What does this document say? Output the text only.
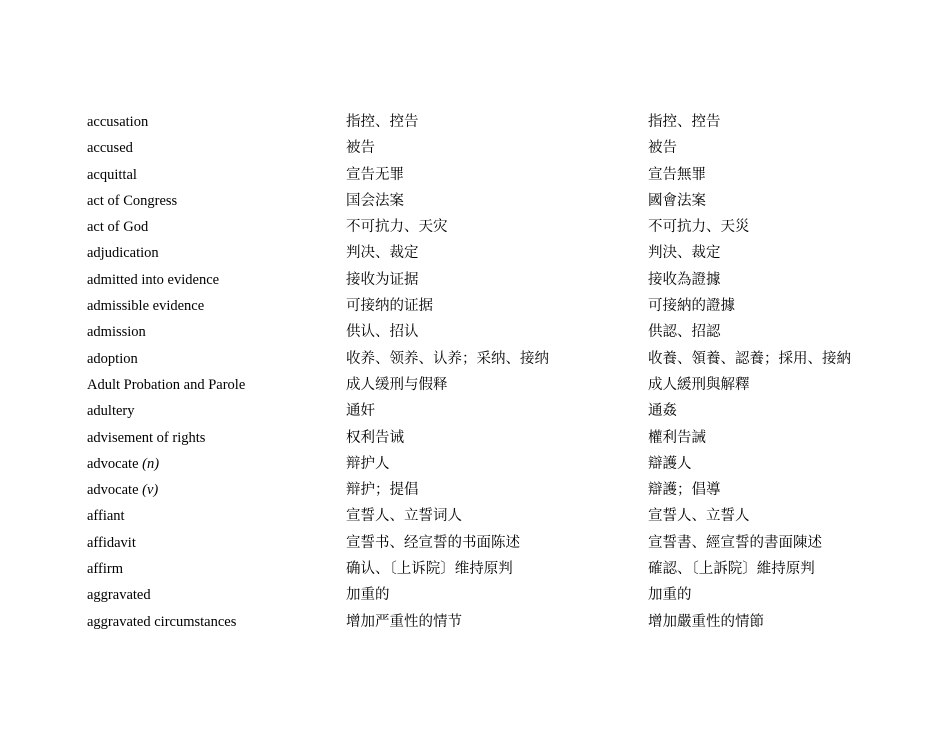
accusation	指控、控告	指控、控告
accused	被告	被告
acquittal	宣告无罪	宣告無罪
act of Congress	国会法案	國會法案
act of God	不可抗力、天灾	不可抗力、天災
adjudication	判决、裁定	判決、裁定
admitted into evidence	接收为证据	接收為證據
admissible evidence	可接纳的证据	可接納的證據
admission	供认、招认	供認、招認
adoption	收养、领养、认养；采纳、接纳	收養、領養、認養；採用、接納
Adult Probation and Parole	成人缓刑与假释	成人緩刑與解釋
adultery	通奸	通姦
advisement of rights	权利告诫	權利告誡
advocate (n)	辩护人	辯護人
advocate (v)	辩护；提倡	辯護；倡導
affiant	宣誓人、立誓词人	宣誓人、立誓人
affidavit	宣誓书、经宣誓的书面陈述	宣誓書、經宣誓的書面陳述
affirm	确认、〔上诉院〕维持原判	確認、〔上訴院〕維持原判
aggravated	加重的	加重的
aggravated circumstances	增加严重性的情节	增加嚴重性的情節
